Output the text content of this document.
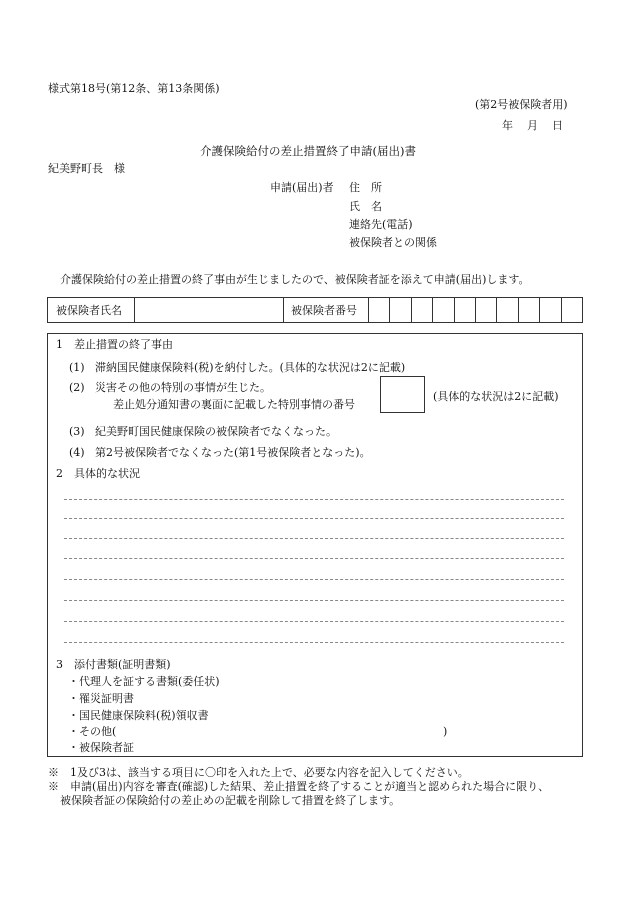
様式第18号(第12条、第13条関係)
(第2号被保険者用)
年 月 日
介護保険給付の差止措置終了申請(届出)書
紀美野町長　様
申請(届出)者 住　所
氏　名
連絡先(電話)
被保険者との関係
介護保険給付の差止措置の終了事由が生じましたので、被保険者証を添えて申請(届出)します。
被保険者氏名	被保険者番号
1　差止措置の終了事由
(1) 滞納国民健康保険料(税)を納付した。(具体的な状況は2に記載)
(2) 災害その他の特別の事情が生じた。
差止処分通知書の裏面に記載した特別事情の番号
(具体的な状況は2に記載)
(3) 紀美野町国民健康保険の被保険者でなくなった。
(4) 第2号被保険者でなくなった(第1号被保険者となった)。
2　具体的な状況
3　添付書類(証明書類)
・代理人を証する書類(委任状)
・罹災証明書
・国民健康保険料(税)領収書
・その他(	)
・被保険者証
※　1及び3は、該当する項目に〇印を入れた上で、必要な内容を記入してください。
※　申請(届出)内容を審査(確認)した結果、差止措置を終了することが適当と認められた場合に限り、
被保険者証の保険給付の差止めの記載を削除して措置を終了します。
